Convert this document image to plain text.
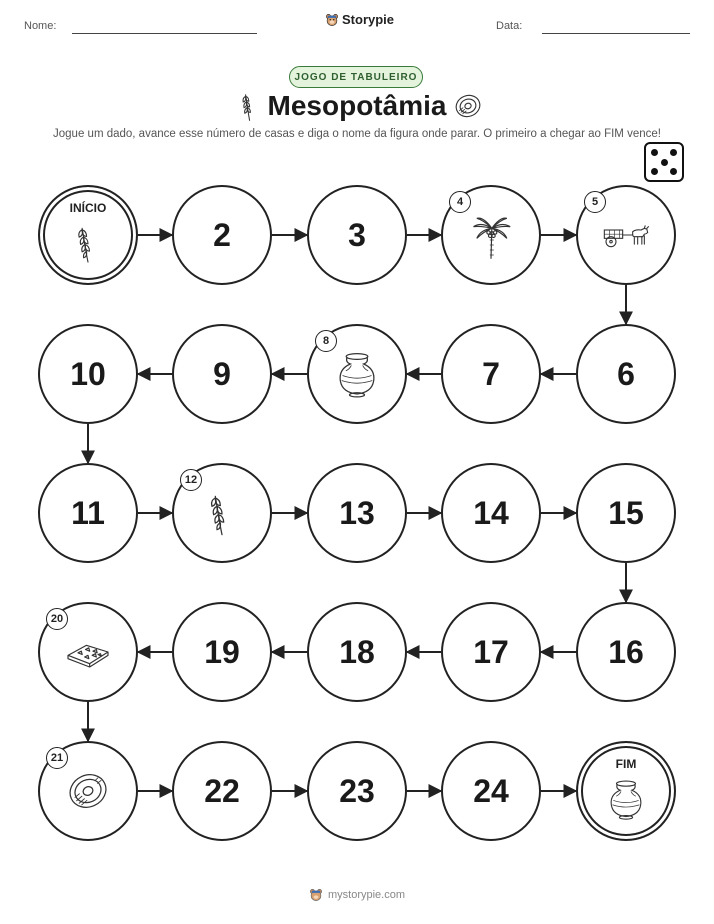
Nome:	Storypie	Data:
JOGO DE TABULEIRO
Mesopotâmia
Jogue um dado, avance esse número de casas e diga o nome da figura onde parar. O primeiro a chegar ao FIM vence!
INÍCIO
2	3
4	5
6
7
8
9
10
11
12
13	14	15
16
17
18
19
20
21
22	23	24
FIM
mystorypie.com
